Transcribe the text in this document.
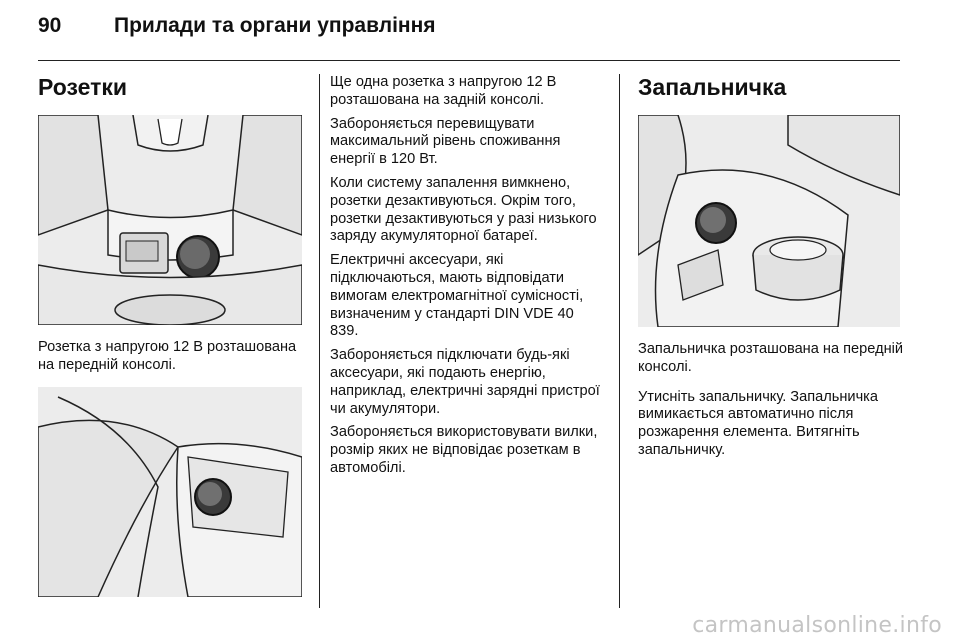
90	Прилади та органи управління
Розетки

Розетка з напругою 12 В розташована на передній консолі.

Ще одна розетка з напругою 12 В розташована на задній консолі.

Забороняється перевищувати максимальний рівень споживання енергії в 120 Вт.

Коли систему запалення вимкнено, розетки дезактивуються. Окрім того, розетки дезактивуються у разі низького заряду акумуляторної батареї.

Електричні аксесуари, які підключаються, мають відповідати вимогам електромагнітної сумісності, визначеним у стандарті DIN VDE 40 839.

Забороняється підключати будь-які аксесуари, які подають енергію, наприклад, електричні зарядні пристрої чи акумулятори.

Забороняється використовувати вилки, розмір яких не відповідає розеткам в автомобілі.

Запальничка

Запальничка розташована на передній консолі.

Утисніть запальничку. Запальничка вимикається автоматично після розжарення елемента. Витягніть запальничку.

carmanualsonline.info
